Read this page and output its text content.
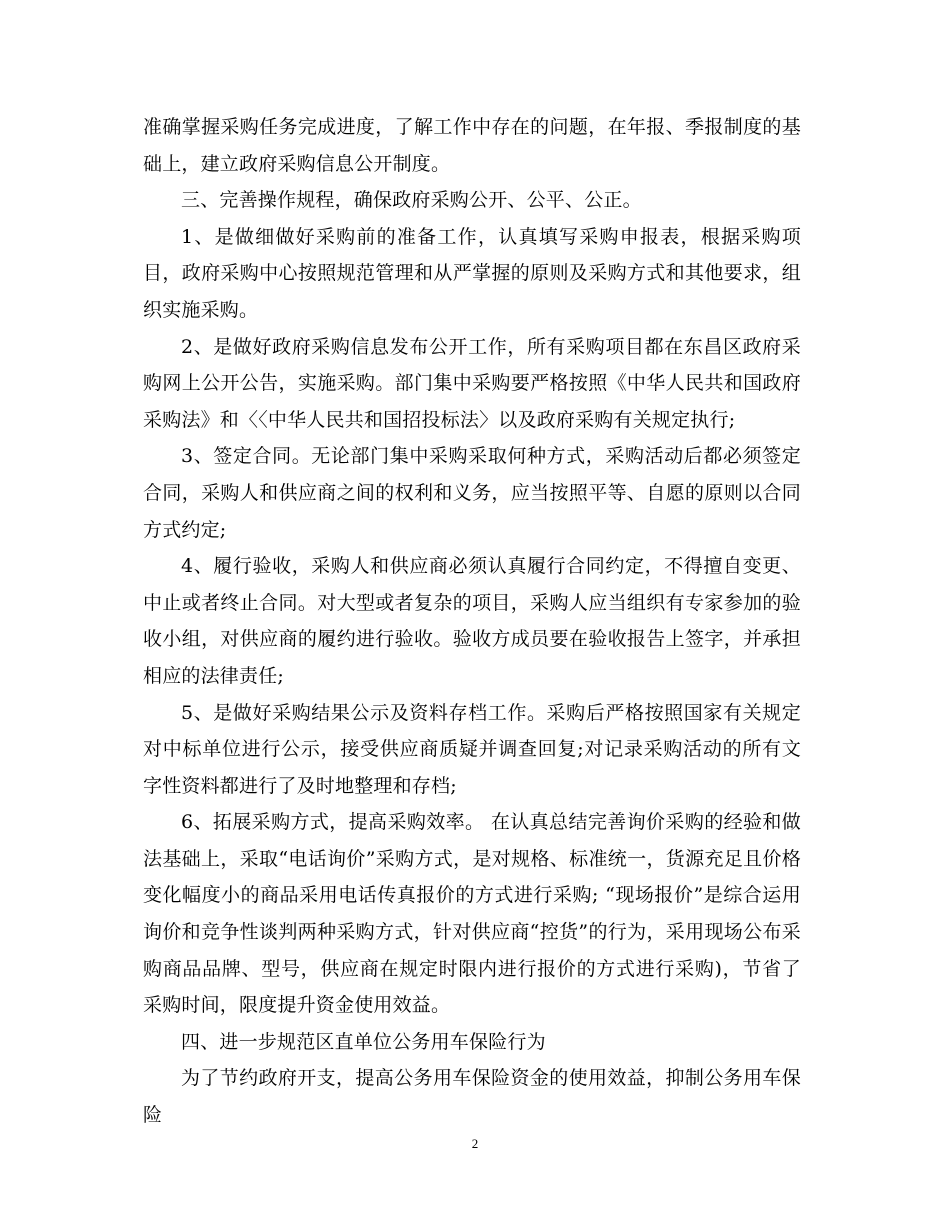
准确掌握采购任务完成进度，了解工作中存在的问题，在年报、季报制度的基础上，建立政府采购信息公开制度。

三、完善操作规程，确保政府采购公开、公平、公正。

1、是做细做好采购前的准备工作，认真填写采购申报表，根据采购项目，政府采购中心按照规范管理和从严掌握的原则及采购方式和其他要求，组织实施采购。

2、是做好政府采购信息发布公开工作，所有采购项目都在东昌区政府采购网上公开公告，实施采购。部门集中采购要严格按照《中华人民共和国政府采购法》和〈〈中华人民共和国招投标法〉以及政府采购有关规定执行;

3、签定合同。无论部门集中采购采取何种方式，采购活动后都必须签定合同，采购人和供应商之间的权利和义务，应当按照平等、自愿的原则以合同方式约定;

4、履行验收，采购人和供应商必须认真履行合同约定，不得擅自变更、中止或者终止合同。对大型或者复杂的项目，采购人应当组织有专家参加的验收小组，对供应商的履约进行验收。验收方成员要在验收报告上签字，并承担相应的法律责任;

5、是做好采购结果公示及资料存档工作。采购后严格按照国家有关规定对中标单位进行公示，接受供应商质疑并调查回复;对记录采购活动的所有文字性资料都进行了及时地整理和存档;

6、拓展采购方式，提高采购效率。 在认真总结完善询价采购的经验和做法基础上，采取“电话询价”采购方式，是对规格、标准统一，货源充足且价格变化幅度小的商品采用电话传真报价的方式进行采购; “现场报价”是综合运用询价和竞争性谈判两种采购方式，针对供应商“控货”的行为，采用现场公布采购商品品牌、型号，供应商在规定时限内进行报价的方式进行采购)，节省了采购时间，限度提升资金使用效益。

四、进一步规范区直单位公务用车保险行为

为了节约政府开支，提高公务用车保险资金的使用效益，抑制公务用车保险

2
